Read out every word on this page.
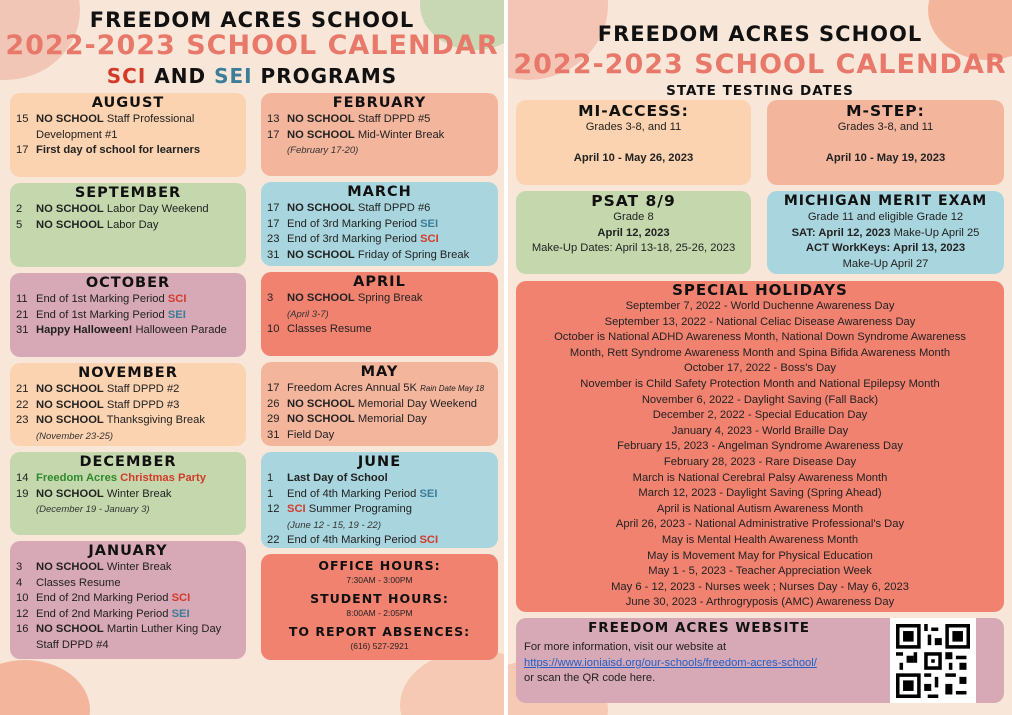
FREEDOM ACRES SCHOOL
2022-2023 SCHOOL CALENDAR
SCI AND SEI PROGRAMS
AUGUST
15 NO SCHOOL Staff Professional Development #1
17 First day of school for learners
SEPTEMBER
2	NO SCHOOL Labor Day Weekend
5	NO SCHOOL Labor Day
OCTOBER
11 End of 1st Marking Period SCI
21 End of 1st Marking Period SEI
31 Happy Halloween! Halloween Parade
NOVEMBER
21 NO SCHOOL Staff DPPD #2
22 NO SCHOOL Staff DPPD #3
23 NO SCHOOL Thanksgiving Break
(November 23-25)
DECEMBER
14 Freedom Acres Christmas Party
19 NO SCHOOL Winter Break
(December 19 - January 3)
JANUARY
3	NO SCHOOL Winter Break
4	Classes Resume
10 End of 2nd Marking Period SCI
12 End of 2nd Marking Period SEI
16 NO SCHOOL Martin Luther King Day Staff DPPD #4
FEBRUARY
13 NO SCHOOL Staff DPPD #5
17 NO SCHOOL Mid-Winter Break
(February 17-20)
MARCH
17 NO SCHOOL Staff DPPD #6
17 End of 3rd Marking Period SEI
23 End of 3rd Marking Period SCI
31 NO SCHOOL Friday of Spring Break
APRIL
3	NO SCHOOL Spring Break
(April 3-7)
10 Classes Resume
MAY
17 Freedom Acres Annual 5K Rain Date May 18
26 NO SCHOOL Memorial Day Weekend
29 NO SCHOOL Memorial Day
31 Field Day
JUNE
1	Last Day of School
1	End of 4th Marking Period SEI
12 SCI Summer Programing
(June 12 - 15, 19 - 22)
22 End of 4th Marking Period SCI
OFFICE HOURS:
7:30AM - 3:00PM
STUDENT HOURS:
8:00AM - 2:05PM
TO REPORT ABSENCES:
(616) 527-2921
FREEDOM ACRES SCHOOL
2022-2023 SCHOOL CALENDAR
STATE TESTING DATES
MI-ACCESS:
Grades 3-8, and 11
April 10 - May 26, 2023
M-STEP:
Grades 3-8, and 11
April 10 - May 19, 2023
PSAT 8/9
Grade 8
April 12, 2023
Make-Up Dates: April 13-18, 25-26, 2023
MICHIGAN MERIT EXAM
Grade 11 and eligible Grade 12
SAT: April 12, 2023 Make-Up April 25
ACT WorkKeys: April 13, 2023
Make-Up April 27
SPECIAL HOLIDAYS
September 7, 2022 - World Duchenne Awareness Day
September 13, 2022 - National Celiac Disease Awareness Day
October is National ADHD Awareness Month, National Down Syndrome Awareness
Month, Rett Syndrome Awareness Month and Spina Bifida Awareness Month
October 17, 2022 - Boss's Day
November is Child Safety Protection Month and National Epilepsy Month
November 6, 2022 - Daylight Saving (Fall Back)
December 2, 2022 - Special Education Day
January 4, 2023 - World Braille Day
February 15, 2023 - Angelman Syndrome Awareness Day
February 28, 2023 - Rare Disease Day
March is National Cerebral Palsy Awareness Month
March 12, 2023 - Daylight Saving (Spring Ahead)
April is National Autism Awareness Month
April 26, 2023 - National Administrative Professional's Day
May is Mental Health Awareness Month
May is Movement May for Physical Education
May 1 - 5, 2023 - Teacher Appreciation Week
May 6 - 12, 2023 - Nurses week ; Nurses Day - May 6, 2023
June 30, 2023 - Arthrogryposis (AMC) Awareness Day
FREEDOM ACRES WEBSITE
For more information, visit our website at
https://www.ioniaisd.org/our-schools/freedom-acres-school/
or scan the QR code here.
